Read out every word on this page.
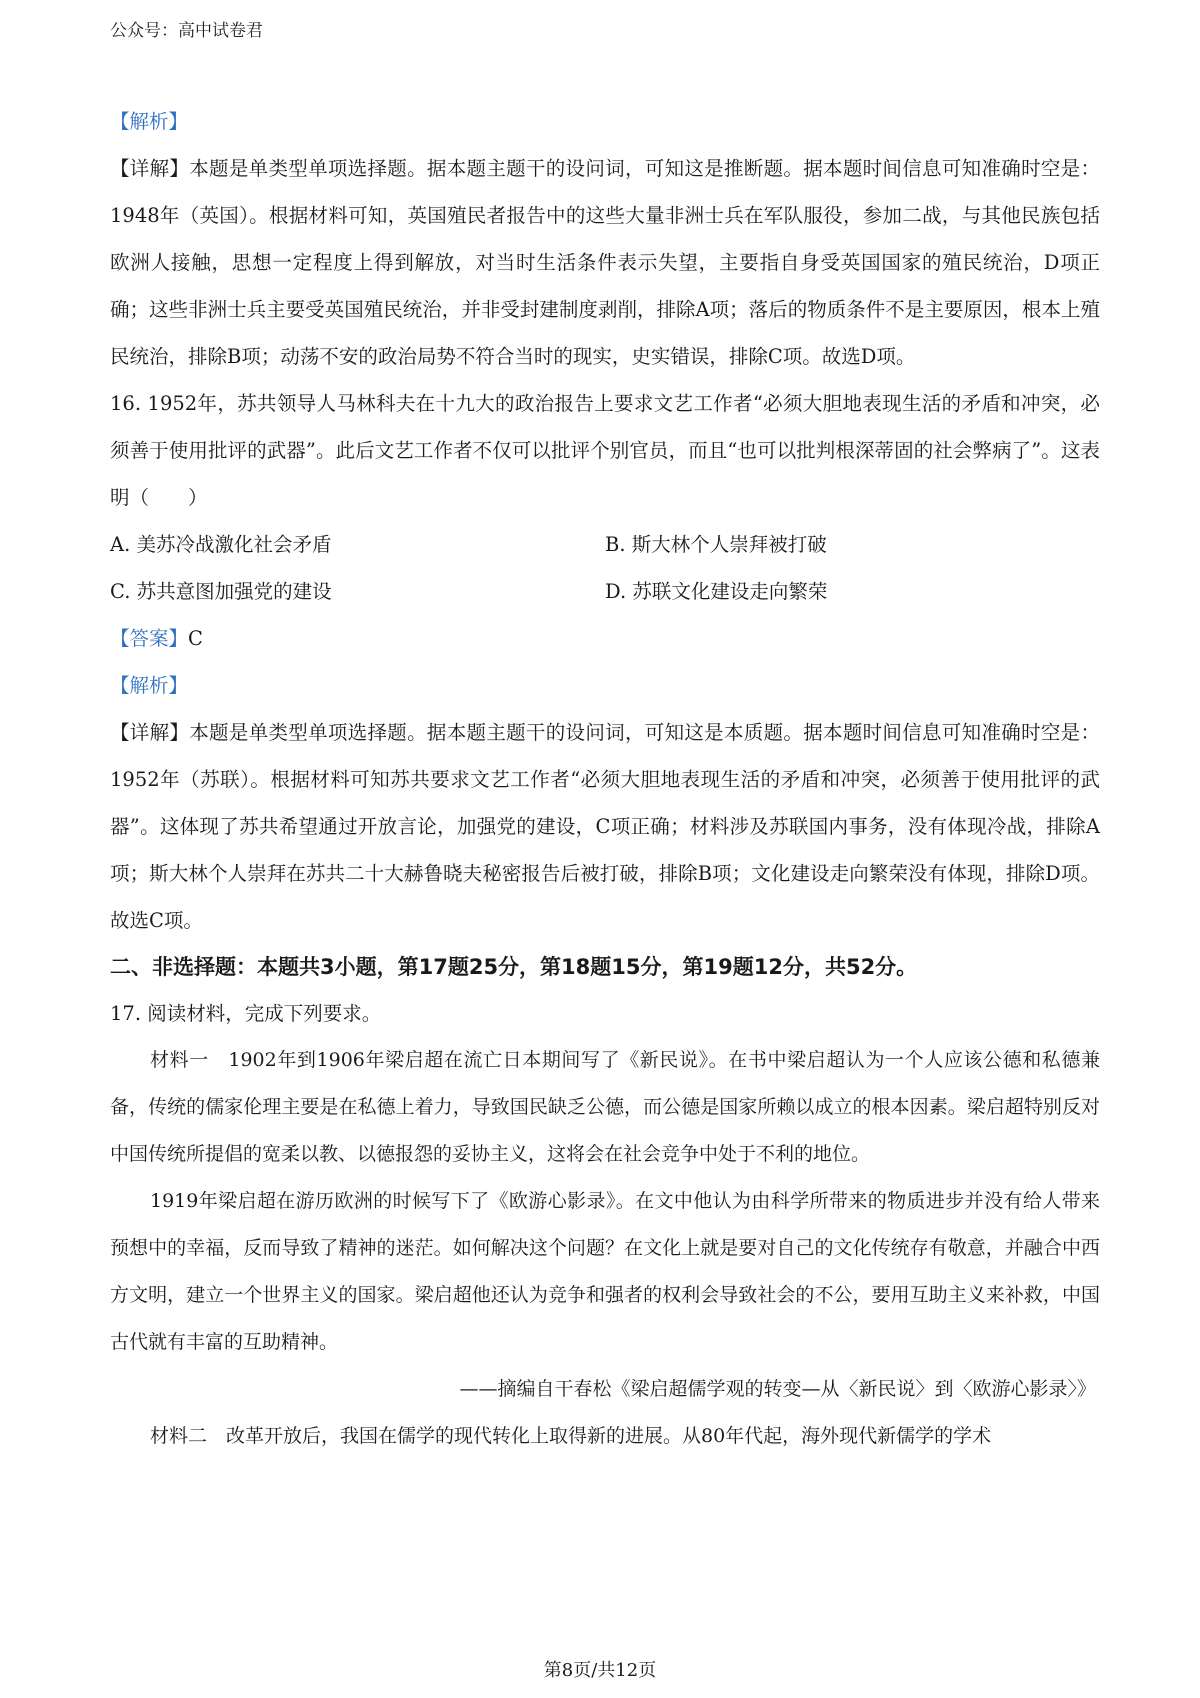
公众号：高中试卷君

【解析】

【详解】本题是单类型单项选择题。据本题主题干的设问词，可知这是推断题。据本题时间信息可知准确时空是：1948年（英国）。根据材料可知，英国殖民者报告中的这些大量非洲士兵在军队服役，参加二战，与其他民族包括欧洲人接触，思想一定程度上得到解放，对当时生活条件表示失望，主要指自身受英国国家的殖民统治，D项正确；这些非洲士兵主要受英国殖民统治，并非受封建制度剥削，排除A项；落后的物质条件不是主要原因，根本上殖民统治，排除B项；动荡不安的政治局势不符合当时的现实，史实错误，排除C项。故选D项。

16. 1952年，苏共领导人马林科夫在十九大的政治报告上要求文艺工作者“必须大胆地表现生活的矛盾和冲突，必须善于使用批评的武器”。此后文艺工作者不仅可以批评个别官员，而且“也可以批判根深蒂固的社会弊病了”。这表明（　　）

A. 美苏冷战激化社会矛盾	B. 斯大林个人崇拜被打破
C. 苏共意图加强党的建设	D. 苏联文化建设走向繁荣

【答案】C

【解析】

【详解】本题是单类型单项选择题。据本题主题干的设问词，可知这是本质题。据本题时间信息可知准确时空是：1952年（苏联）。根据材料可知苏共要求文艺工作者“必须大胆地表现生活的矛盾和冲突，必须善于使用批评的武器”。这体现了苏共希望通过开放言论，加强党的建设，C项正确；材料涉及苏联国内事务，没有体现冷战，排除A项；斯大林个人崇拜在苏共二十大赫鲁晓夫秘密报告后被打破，排除B项；文化建设走向繁荣没有体现，排除D项。故选C项。

二、非选择题：本题共3小题，第17题25分，第18题15分，第19题12分，共52分。

17. 阅读材料，完成下列要求。

材料一　1902年到1906年梁启超在流亡日本期间写了《新民说》。在书中梁启超认为一个人应该公德和私德兼备，传统的儒家伦理主要是在私德上着力，导致国民缺乏公德，而公德是国家所赖以成立的根本因素。梁启超特别反对中国传统所提倡的宽柔以教、以德报怨的妥协主义，这将会在社会竞争中处于不利的地位。

1919年梁启超在游历欧洲的时候写下了《欧游心影录》。在文中他认为由科学所带来的物质进步并没有给人带来预想中的幸福，反而导致了精神的迷茫。如何解决这个问题？在文化上就是要对自己的文化传统存有敬意，并融合中西方文明，建立一个世界主义的国家。梁启超他还认为竞争和强者的权利会导致社会的不公，要用互助主义来补救，中国古代就有丰富的互助精神。

——摘编自干春松《梁启超儒学观的转变—从〈新民说〉到〈欧游心影录〉》

材料二　改革开放后，我国在儒学的现代转化上取得新的进展。从80年代起，海外现代新儒学的学术

第8页/共12页
